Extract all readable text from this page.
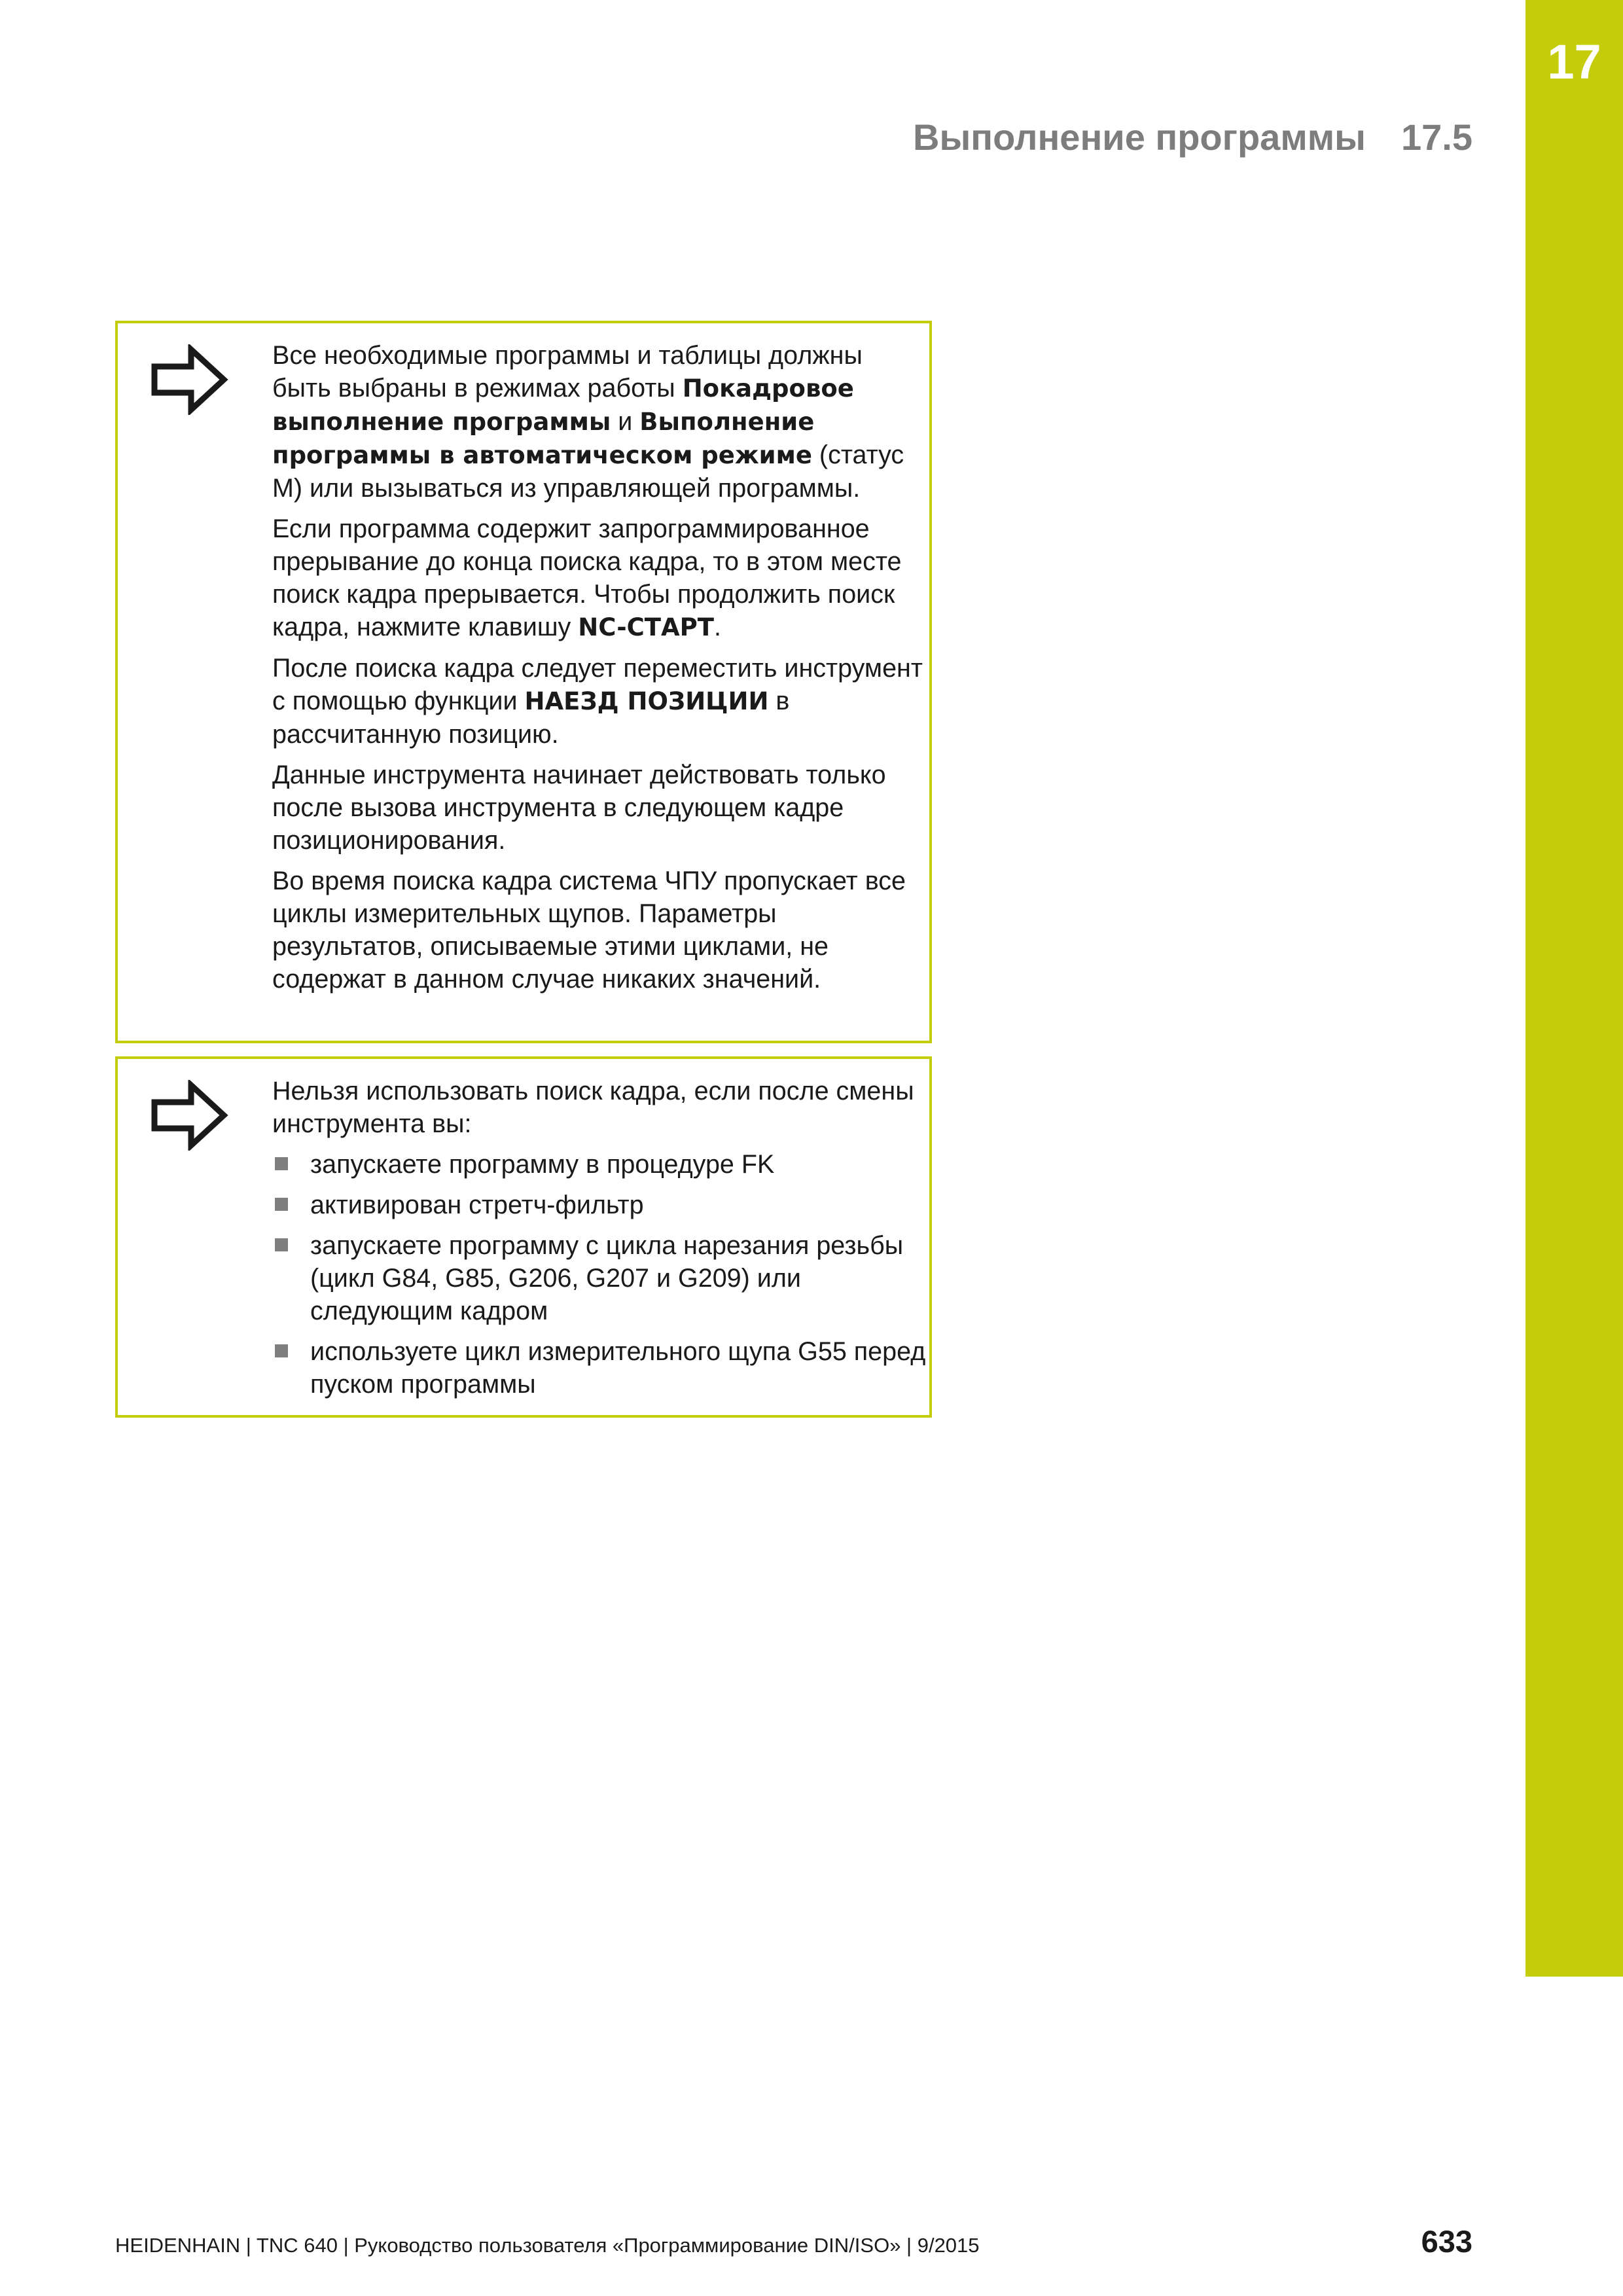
17
Выполнение программы 17.5

Все необходимые программы и таблицы должны быть выбраны в режимах работы Покадровое выполнение программы и Выполнение программы в автоматическом режиме (статус M) или вызываться из управляющей программы.

Если программа содержит запрограммированное прерывание до конца поиска кадра, то в этом месте поиск кадра прерывается. Чтобы продолжить поиск кадра, нажмите клавишу NC-СТАРТ.

После поиска кадра следует переместить инструмент с помощью функции НАЕЗД ПОЗИЦИИ в рассчитанную позицию.

Данные инструмента начинает действовать только после вызова инструмента в следующем кадре позиционирования.

Во время поиска кадра система ЧПУ пропускает все циклы измерительных щупов. Параметры результатов, описываемые этими циклами, не содержат в данном случае никаких значений.

Нельзя использовать поиск кадра, если после смены инструмента вы:

запускаете программу в процедуре FK
активирован стретч-фильтр
запускаете программу с цикла нарезания резьбы (цикл G84, G85, G206, G207 и G209) или следующим кадром
используете цикл измерительного щупа G55 перед пуском программы
HEIDENHAIN | TNC 640 | Руководство пользователя «Программирование DIN/ISO» | 9/2015	633
